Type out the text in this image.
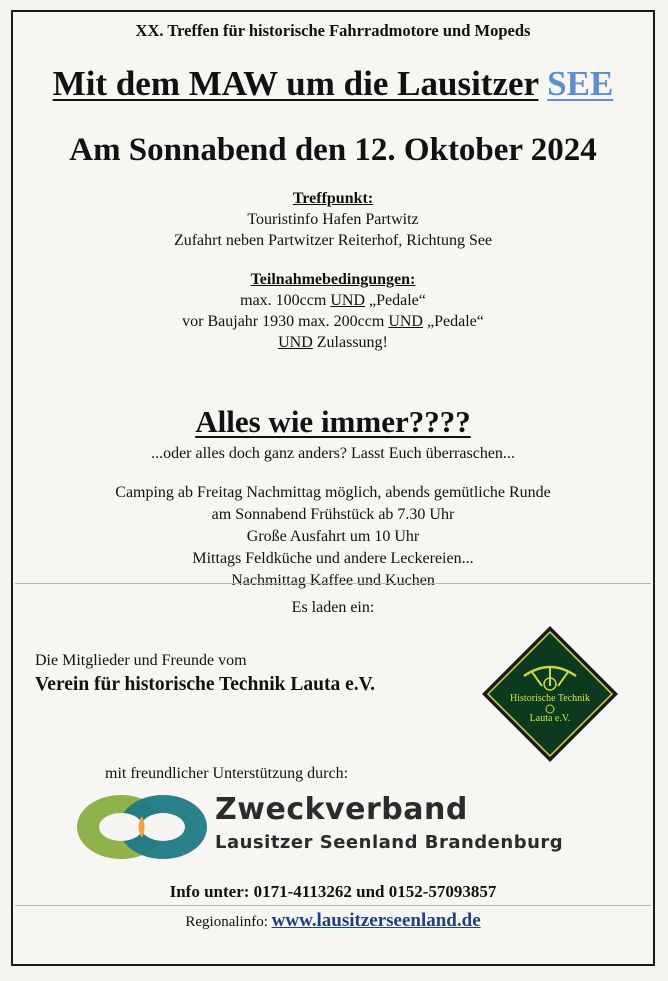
XX. Treffen für historische Fahrradmotore und Mopeds
Mit dem MAW um die Lausitzer SEE
Am Sonnabend den 12. Oktober 2024
Treffpunkt:
Touristinfo Hafen Partwitz
Zufahrt neben Partwitzer Reiterhof, Richtung See
Teilnahmebedingungen:
max. 100ccm UND „Pedale“
vor Baujahr 1930 max. 200ccm UND „Pedale“
UND Zulassung!
Alles wie immer????
...oder alles doch ganz anders? Lasst Euch überraschen...
Camping ab Freitag Nachmittag möglich, abends gemütliche Runde
am Sonnabend Frühstück ab 7.30 Uhr
Große Ausfahrt um 10 Uhr
Mittags Feldküche und andere Leckereien...
Nachmittag Kaffee und Kuchen
Es laden ein:
Die Mitglieder und Freunde vom
Verein für historische Technik Lauta e.V.
Historische Technik
Lauta e.V.
mit freundlicher Unterstützung durch:
Zweckverband
Lausitzer Seenland Brandenburg
Info unter: 0171-4113262 und 0152-57093857
Regionalinfo: www.lausitzerseenland.de
